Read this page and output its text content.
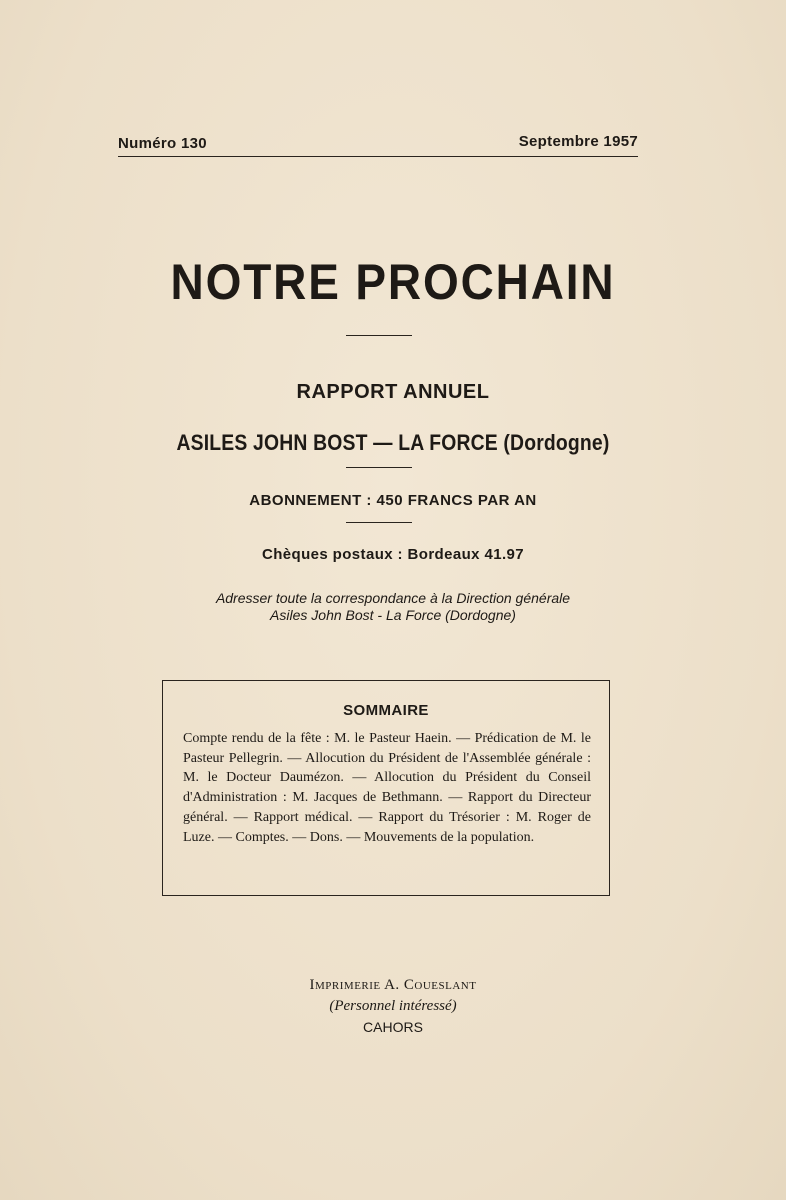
Numéro 130	Septembre 1957
NOTRE PROCHAIN
RAPPORT ANNUEL
ASILES JOHN BOST — LA FORCE (Dordogne)
ABONNEMENT : 450 FRANCS PAR AN
Chèques postaux : Bordeaux 41.97
Adresser toute la correspondance à la Direction générale
Asiles John Bost - La Force (Dordogne)
SOMMAIRE
Compte rendu de la fête : M. le Pasteur Haein. — Prédication de M. le Pasteur Pellegrin. — Allocution du Président de l'Assemblée générale : M. le Docteur Daumézon. — Allocution du Président du Conseil d'Administration : M. Jacques de Bethmann. — Rapport du Directeur général. — Rapport médical. — Rapport du Trésorier : M. Roger de Luze. — Comptes. — Dons. — Mouvements de la population.
Imprimerie A. Coueslant
(Personnel intéressé)
CAHORS
